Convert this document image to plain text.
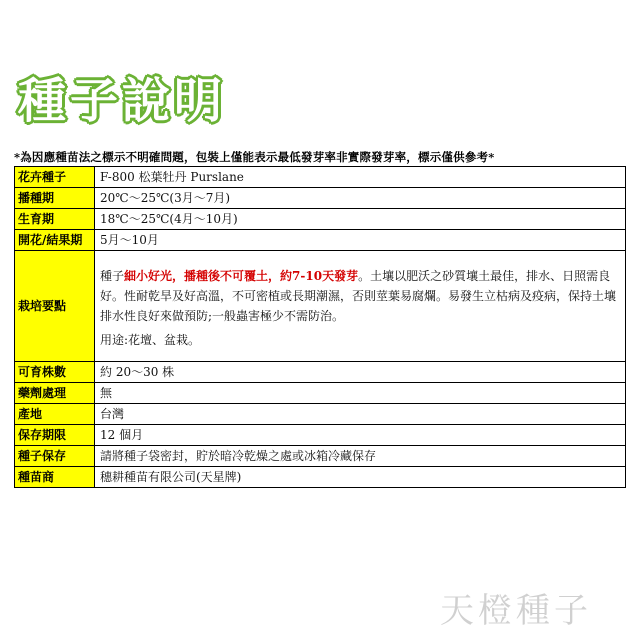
種子說明
*為因應種苗法之標示不明確問題，包裝上僅能表示最低發芽率非實際發芽率，標示僅供參考*
花卉種子	F-800 松葉牡丹 Purslane
播種期	20℃～25℃(3月～7月)
生育期	18℃～25℃(4月～10月)
開花/結果期	5月～10月
栽培要點	種子細小好光，播種後不可覆土，約7-10天發芽。土壤以肥沃之砂質壤土最佳，排水、日照需良好。性耐乾旱及好高溫，不可密植或長期潮濕，否則莖葉易腐爛。易發生立枯病及疫病，保持土壤排水性良好來做預防;一般蟲害極少不需防治。
用途:花壇、盆栽。

可育株數	約 20～30 株
藥劑處理	無
產地	台灣
保存期限	12 個月
種子保存	請將種子袋密封，貯於暗冷乾燥之處或冰箱冷藏保存
種苗商	穗耕種苗有限公司(天星牌)
天橙種子
